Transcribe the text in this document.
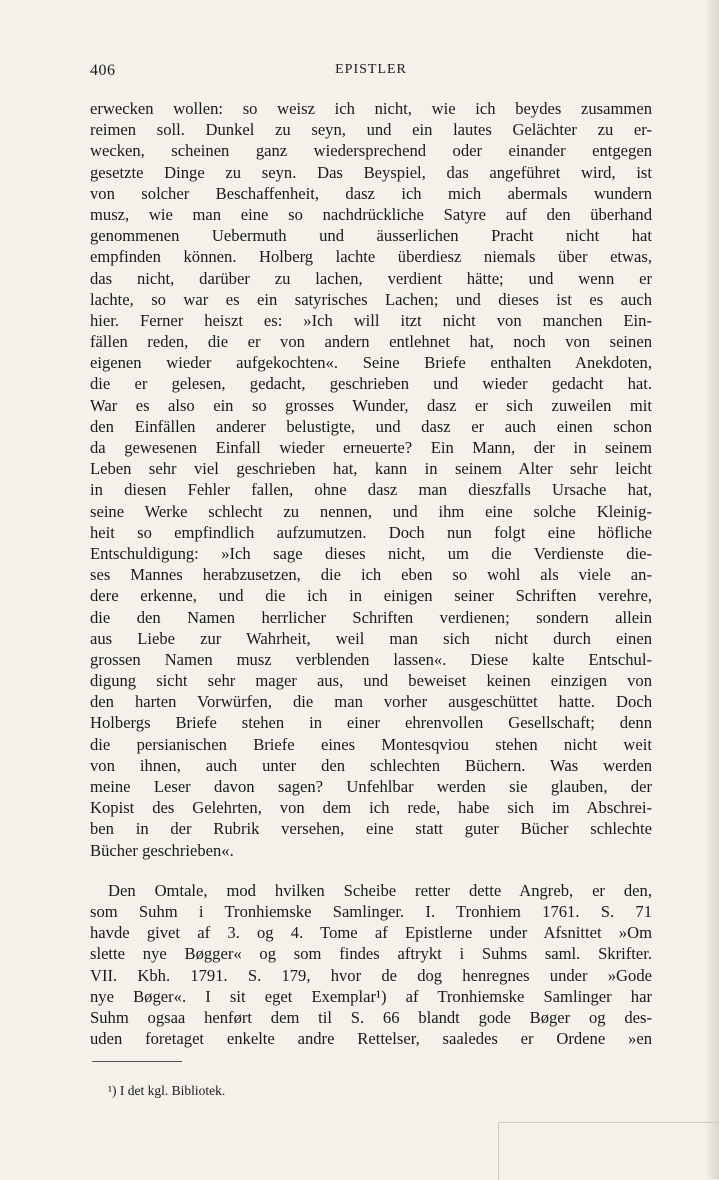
406	EPISTLER
erwecken wollen: so weisz ich nicht, wie ich beydes zusammen
reimen soll. Dunkel zu seyn, und ein lautes Gelächter zu er-
wecken, scheinen ganz wiedersprechend oder einander entgegen
gesetzte Dinge zu seyn. Das Beyspiel, das angeführet wird, ist
von solcher Beschaffenheit, dasz ich mich abermals wundern
musz, wie man eine so nachdrückliche Satyre auf den überhand
genommenen Uebermuth und äusserlichen Pracht nicht hat
empfinden können. Holberg lachte überdiesz niemals über etwas,
das nicht, darüber zu lachen, verdient hätte; und wenn er
lachte, so war es ein satyrisches Lachen; und dieses ist es auch
hier. Ferner heiszt es: »Ich will itzt nicht von manchen Ein-
fällen reden, die er von andern entlehnet hat, noch von seinen
eigenen wieder aufgekochten«. Seine Briefe enthalten Anekdoten,
die er gelesen, gedacht, geschrieben und wieder gedacht hat.
War es also ein so grosses Wunder, dasz er sich zuweilen mit
den Einfällen anderer belustigte, und dasz er auch einen schon
da gewesenen Einfall wieder erneuerte? Ein Mann, der in seinem
Leben sehr viel geschrieben hat, kann in seinem Alter sehr leicht
in diesen Fehler fallen, ohne dasz man dieszfalls Ursache hat,
seine Werke schlecht zu nennen, und ihm eine solche Kleinig-
heit so empfindlich aufzumutzen. Doch nun folgt eine höfliche
Entschuldigung: »Ich sage dieses nicht, um die Verdienste die-
ses Mannes herabzusetzen, die ich eben so wohl als viele an-
dere erkenne, und die ich in einigen seiner Schriften verehre,
die den Namen herrlicher Schriften verdienen; sondern allein
aus Liebe zur Wahrheit, weil man sich nicht durch einen
grossen Namen musz verblenden lassen«. Diese kalte Entschul-
digung sicht sehr mager aus, und beweiset keinen einzigen von
den harten Vorwürfen, die man vorher ausgeschüttet hatte. Doch
Holbergs Briefe stehen in einer ehrenvollen Gesellschaft; denn
die persianischen Briefe eines Montesqviou stehen nicht weit
von ihnen, auch unter den schlechten Büchern. Was werden
meine Leser davon sagen? Unfehlbar werden sie glauben, der
Kopist des Gelehrten, von dem ich rede, habe sich im Abschrei-
ben in der Rubrik versehen, eine statt guter Bücher schlechte
Bücher geschrieben«.
Den Omtale, mod hvilken Scheibe retter dette Angreb, er den,
som Suhm i Tronhiemske Samlinger. I. Tronhiem 1761. S. 71
havde givet af 3. og 4. Tome af Epistlerne under Afsnittet »Om
slette nye Bøgger« og som findes aftrykt i Suhms saml. Skrifter.
VII. Kbh. 1791. S. 179, hvor de dog henregnes under »Gode
nye Bøger«. I sit eget Exemplar¹) af Tronhiemske Samlinger har
Suhm ogsaa henført dem til S. 66 blandt gode Bøger og des-
uden foretaget enkelte andre Rettelser, saaledes er Ordene »en
¹) I det kgl. Bibliotek.
